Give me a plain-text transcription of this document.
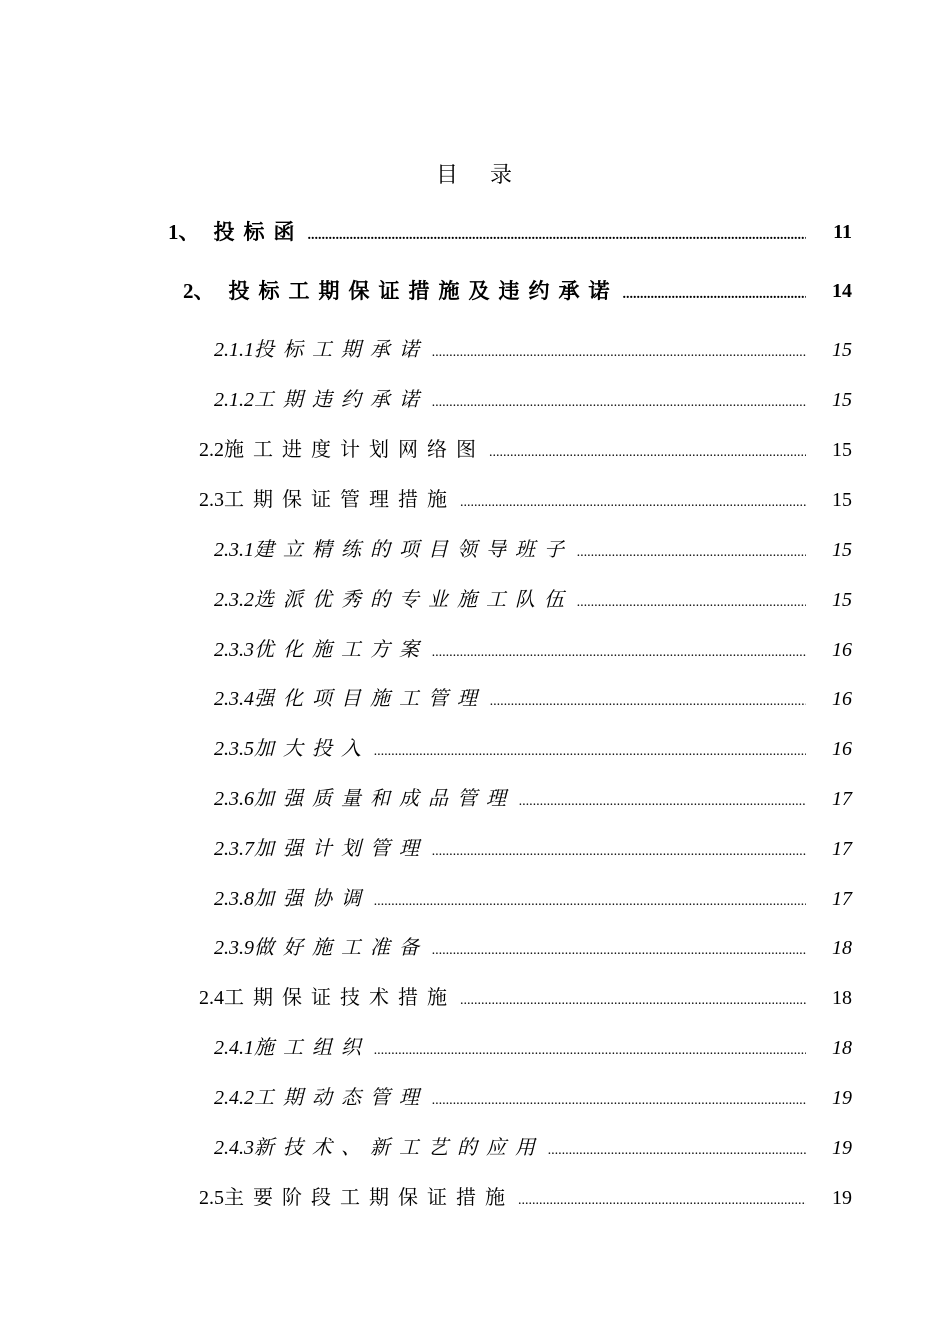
目 录
1、 投标函 .....	11
2、 投标工期保证措施及违约承诺 .....	14
2.1.1投标工期承诺 .....	15
2.1.2工期违约承诺 .....	15
2.2施工进度计划网络图 .....	15
2.3工期保证管理措施 .....	15
2.3.1建立精练的项目领导班子 .....	15
2.3.2选派优秀的专业施工队伍 .....	15
2.3.3优化施工方案 .....	16
2.3.4强化项目施工管理 .....	16
2.3.5加大投入 .....	16
2.3.6加强质量和成品管理 .....	17
2.3.7加强计划管理 .....	17
2.3.8加强协调 .....	17
2.3.9做好施工准备 .....	18
2.4工期保证技术措施 .....	18
2.4.1施工组织 .....	18
2.4.2工期动态管理 .....	19
2.4.3新技术、新工艺的应用 .....	19
2.5主要阶段工期保证措施 .....	19
